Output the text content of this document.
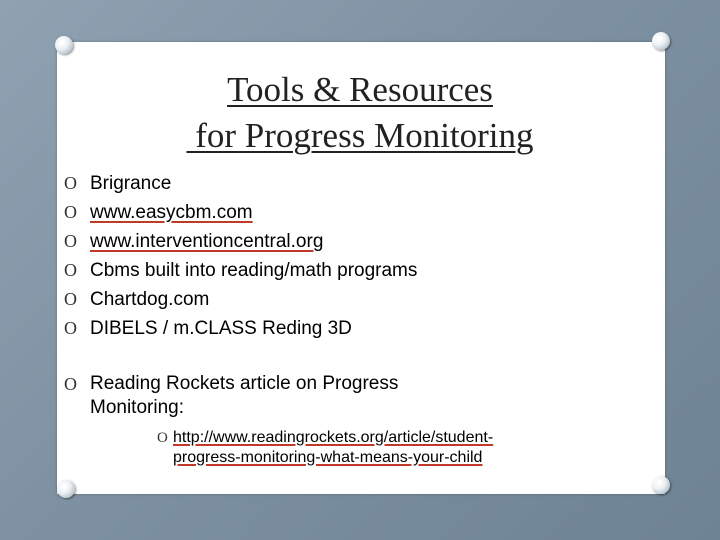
Tools & Resources
for Progress Monitoring
O Brigrance
O www.easycbm.com
O www.interventioncentral.org
O Cbms built into reading/math programs
O Chartdog.com
O DIBELS / m.CLASS Reding 3D
O Reading Rockets article on Progress
Monitoring:
O http://www.readingrockets.org/article/student-
progress-monitoring-what-means-your-child
